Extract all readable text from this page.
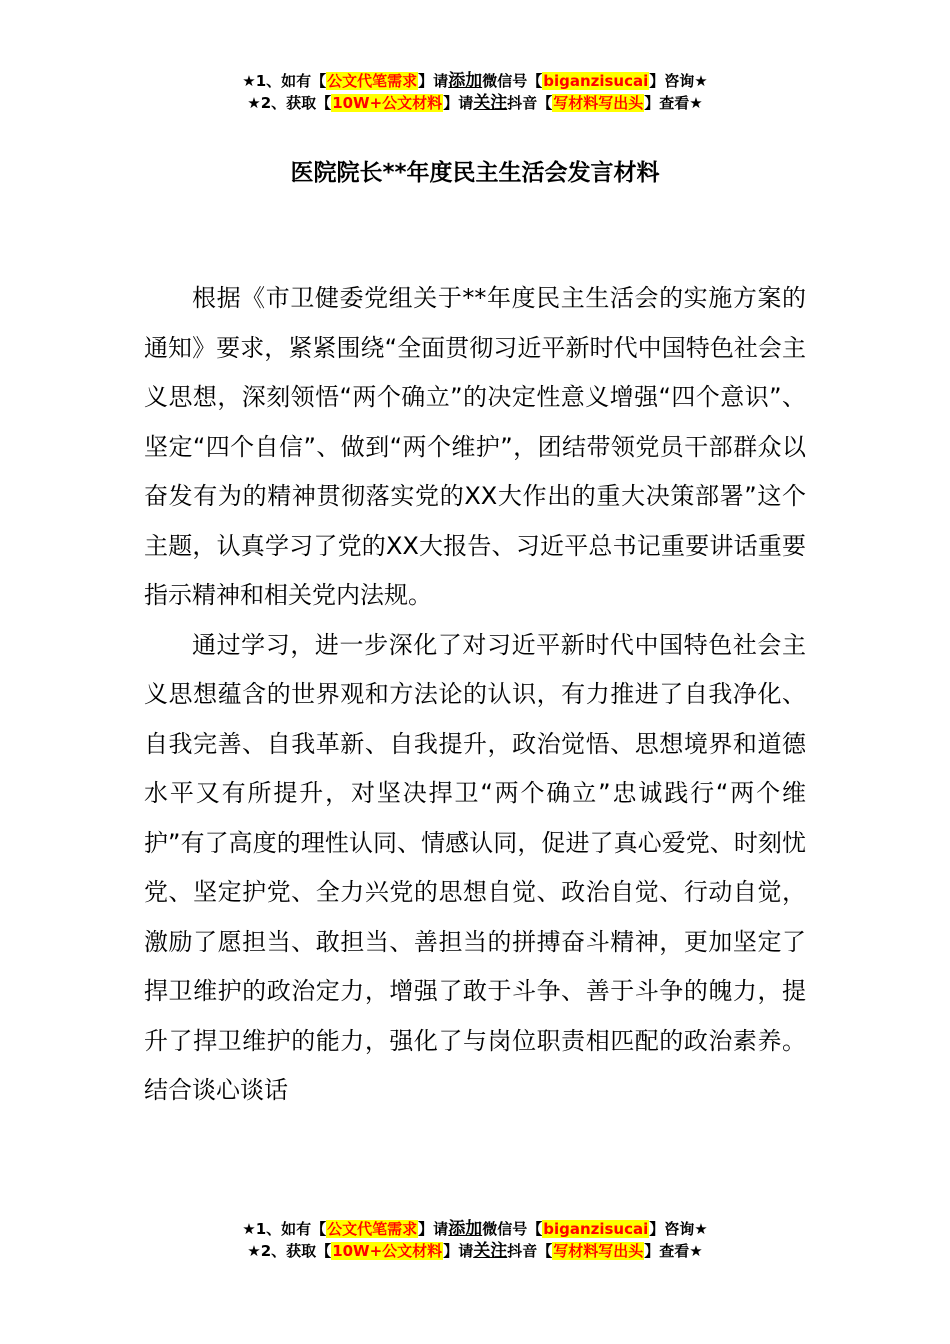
★1、如有【公文代笔需求】请添加微信号【biganzisucai】咨询★
★2、获取【10W+公文材料】请关注抖音【写材料写出头】查看★
医院院长**年度民主生活会发言材料

根据《市卫健委党组关于**年度民主生活会的实施方案的通知》要求，紧紧围绕“全面贯彻习近平新时代中国特色社会主义思想，深刻领悟“两个确立”的决定性意义增强“四个意识”、坚定“四个自信”、做到“两个维护”，团结带领党员干部群众以奋发有为的精神贯彻落实党的XX大作出的重大决策部署”这个主题，认真学习了党的XX大报告、习近平总书记重要讲话重要指示精神和相关党内法规。

通过学习，进一步深化了对习近平新时代中国特色社会主义思想蕴含的世界观和方法论的认识，有力推进了自我净化、自我完善、自我革新、自我提升，政治觉悟、思想境界和道德水平又有所提升，对坚决捍卫“两个确立”忠诚践行“两个维护”有了高度的理性认同、情感认同，促进了真心爱党、时刻忧党、坚定护党、全力兴党的思想自觉、政治自觉、行动自觉，激励了愿担当、敢担当、善担当的拼搏奋斗精神，更加坚定了捍卫维护的政治定力，增强了敢于斗争、善于斗争的魄力，提升了捍卫维护的能力，强化了与岗位职责相匹配的政治素养。结合谈心谈话

★1、如有【公文代笔需求】请添加微信号【biganzisucai】咨询★
★2、获取【10W+公文材料】请关注抖音【写材料写出头】查看★
